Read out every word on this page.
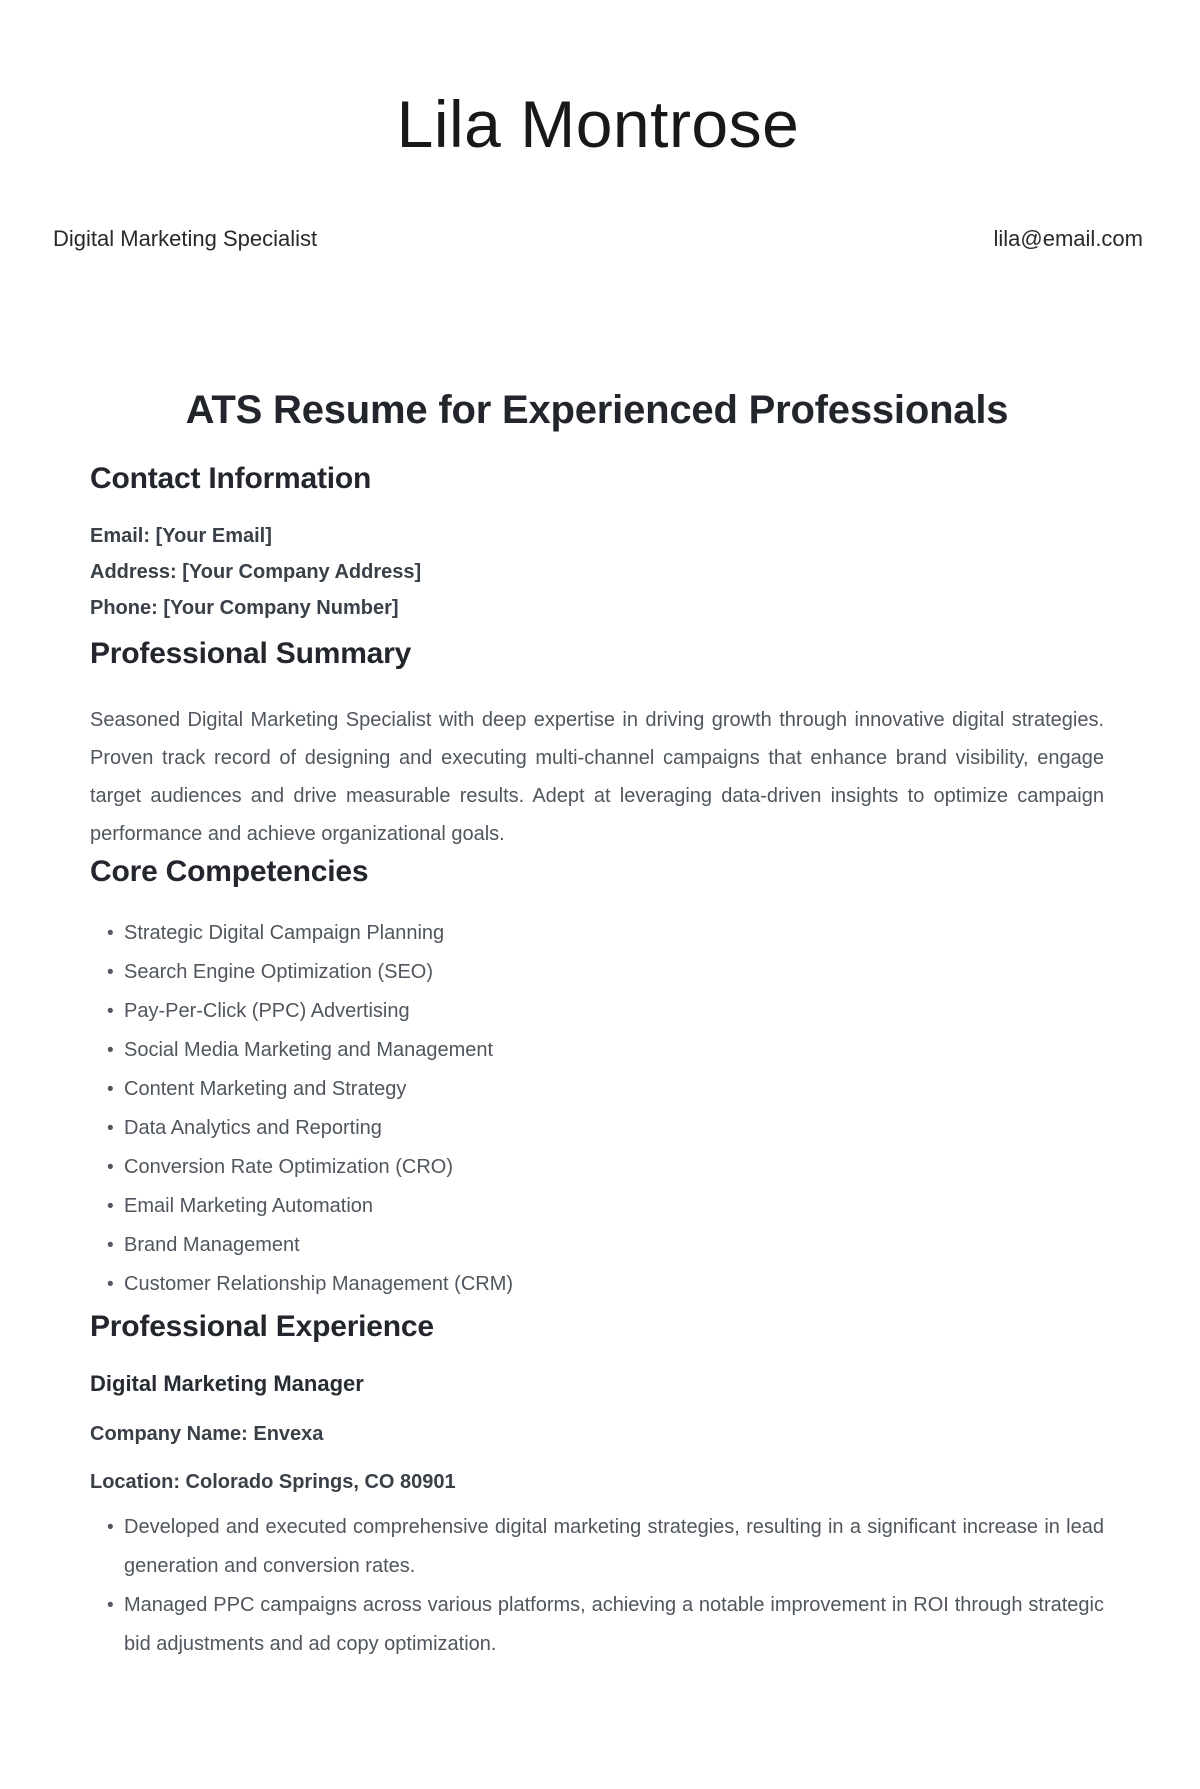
Lila Montrose
Digital Marketing Specialist	lila@email.com
ATS Resume for Experienced Professionals
Contact Information

Email: [Your Email]

Address: [Your Company Address]

Phone: [Your Company Number]

Professional Summary

Seasoned Digital Marketing Specialist with deep expertise in driving growth through innovative digital strategies. Proven track record of designing and executing multi-channel campaigns that enhance brand visibility, engage target audiences and drive measurable results. Adept at leveraging data-driven insights to optimize campaign performance and achieve organizational goals.

Core Competencies
• Strategic Digital Campaign Planning
• Search Engine Optimization (SEO)
• Pay-Per-Click (PPC) Advertising
• Social Media Marketing and Management
• Content Marketing and Strategy
• Data Analytics and Reporting
• Conversion Rate Optimization (CRO)
• Email Marketing Automation
• Brand Management
• Customer Relationship Management (CRM)
Professional Experience

Digital Marketing Manager

Company Name: Envexa

Location: Colorado Springs, CO 80901

• Developed and executed comprehensive digital marketing strategies, resulting in a significant increase in lead generation and conversion rates.
• Managed PPC campaigns across various platforms, achieving a notable improvement in ROI through strategic bid adjustments and ad copy optimization.
